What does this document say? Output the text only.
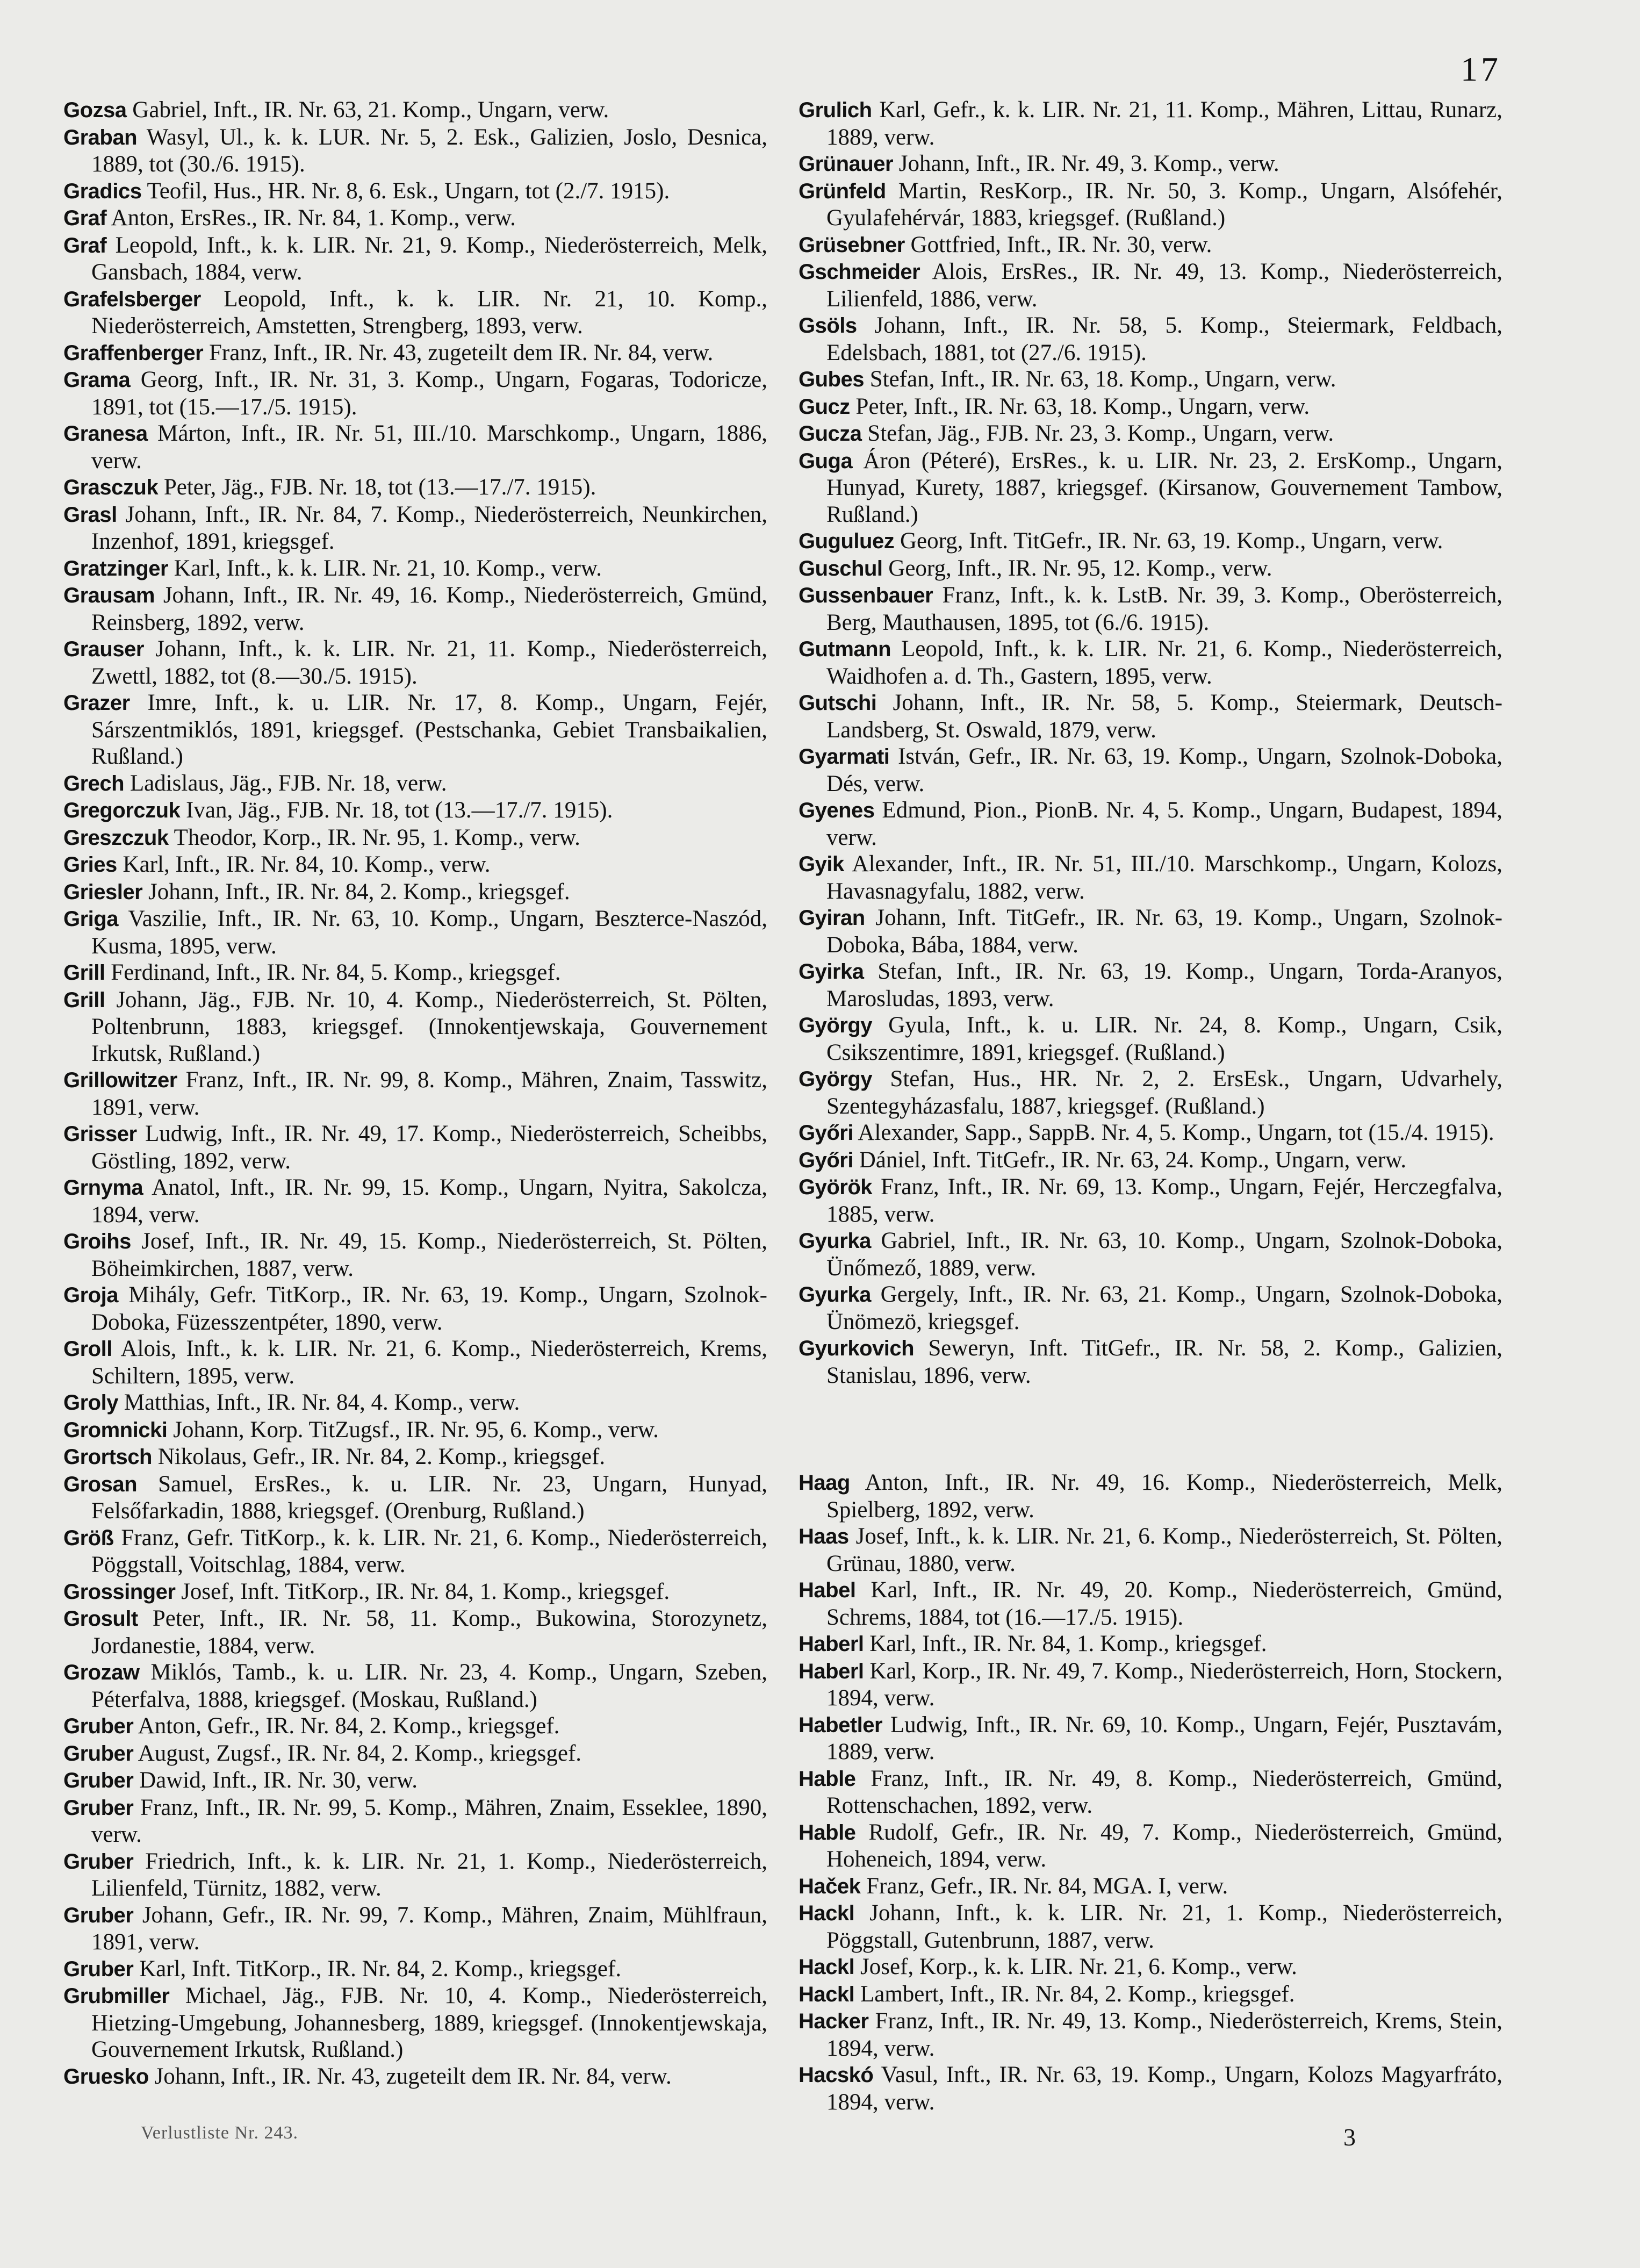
17
Gozsa Gabriel, Inft., IR. Nr. 63, 21. Komp., Ungarn, verw.
Graban Wasyl, Ul., k. k. LUR. Nr. 5, 2. Esk., Galizien, Joslo, Desnica, 1889, tot (30./6. 1915).
Gradics Teofil, Hus., HR. Nr. 8, 6. Esk., Ungarn, tot (2./7. 1915).
Graf Anton, ErsRes., IR. Nr. 84, 1. Komp., verw.
Graf Leopold, Inft., k. k. LIR. Nr. 21, 9. Komp., Niederösterreich, Melk, Gansbach, 1884, verw.
Grafelsberger Leopold, Inft., k. k. LIR. Nr. 21, 10. Komp., Niederösterreich, Amstetten, Strengberg, 1893, verw.
Graffenberger Franz, Inft., IR. Nr. 43, zugeteilt dem IR. Nr. 84, verw.
Grama Georg, Inft., IR. Nr. 31, 3. Komp., Ungarn, Fogaras, Todoricze, 1891, tot (15.—17./5. 1915).
Granesa Márton, Inft., IR. Nr. 51, III./10. Marschkomp., Ungarn, 1886, verw.
Grasczuk Peter, Jäg., FJB. Nr. 18, tot (13.—17./7. 1915).
Grasl Johann, Inft., IR. Nr. 84, 7. Komp., Niederösterreich, Neunkirchen, Inzenhof, 1891, kriegsgef.
Gratzinger Karl, Inft., k. k. LIR. Nr. 21, 10. Komp., verw.
Grausam Johann, Inft., IR. Nr. 49, 16. Komp., Niederösterreich, Gmünd, Reinsberg, 1892, verw.
Grauser Johann, Inft., k. k. LIR. Nr. 21, 11. Komp., Niederösterreich, Zwettl, 1882, tot (8.—30./5. 1915).
Grazer Imre, Inft., k. u. LIR. Nr. 17, 8. Komp., Ungarn, Fejér, Sárszentmiklós, 1891, kriegsgef. (Pestschanka, Gebiet Transbaikalien, Rußland.)
Grech Ladislaus, Jäg., FJB. Nr. 18, verw.
Gregorczuk Ivan, Jäg., FJB. Nr. 18, tot (13.—17./7. 1915).
Greszczuk Theodor, Korp., IR. Nr. 95, 1. Komp., verw.
Gries Karl, Inft., IR. Nr. 84, 10. Komp., verw.
Griesler Johann, Inft., IR. Nr. 84, 2. Komp., kriegsgef.
Griga Vaszilie, Inft., IR. Nr. 63, 10. Komp., Ungarn, Beszterce-Naszód, Kusma, 1895, verw.
Grill Ferdinand, Inft., IR. Nr. 84, 5. Komp., kriegsgef.
Grill Johann, Jäg., FJB. Nr. 10, 4. Komp., Niederösterreich, St. Pölten, Poltenbrunn, 1883, kriegsgef. (Innokentjewskaja, Gouvernement Irkutsk, Rußland.)
Grillowitzer Franz, Inft., IR. Nr. 99, 8. Komp., Mähren, Znaim, Tasswitz, 1891, verw.
Grisser Ludwig, Inft., IR. Nr. 49, 17. Komp., Niederösterreich, Scheibbs, Göstling, 1892, verw.
Grnyma Anatol, Inft., IR. Nr. 99, 15. Komp., Ungarn, Nyitra, Sakolcza, 1894, verw.
Groihs Josef, Inft., IR. Nr. 49, 15. Komp., Niederösterreich, St. Pölten, Böheimkirchen, 1887, verw.
Groja Mihály, Gefr. TitKorp., IR. Nr. 63, 19. Komp., Ungarn, Szolnok-Doboka, Füzesszentpéter, 1890, verw.
Groll Alois, Inft., k. k. LIR. Nr. 21, 6. Komp., Niederösterreich, Krems, Schiltern, 1895, verw.
Groly Matthias, Inft., IR. Nr. 84, 4. Komp., verw.
Gromnicki Johann, Korp. TitZugsf., IR. Nr. 95, 6. Komp., verw.
Grortsch Nikolaus, Gefr., IR. Nr. 84, 2. Komp., kriegsgef.
Grosan Samuel, ErsRes., k. u. LIR. Nr. 23, Ungarn, Hunyad, Felsőfarkadin, 1888, kriegsgef. (Orenburg, Rußland.)
Größ Franz, Gefr. TitKorp., k. k. LIR. Nr. 21, 6. Komp., Niederösterreich, Pöggstall, Voitschlag, 1884, verw.
Grossinger Josef, Inft. TitKorp., IR. Nr. 84, 1. Komp., kriegsgef.
Grosult Peter, Inft., IR. Nr. 58, 11. Komp., Bukowina, Storozynetz, Jordanestie, 1884, verw.
Grozaw Miklós, Tamb., k. u. LIR. Nr. 23, 4. Komp., Ungarn, Szeben, Péterfalva, 1888, kriegsgef. (Moskau, Rußland.)
Gruber Anton, Gefr., IR. Nr. 84, 2. Komp., kriegsgef.
Gruber August, Zugsf., IR. Nr. 84, 2. Komp., kriegsgef.
Gruber Dawid, Inft., IR. Nr. 30, verw.
Gruber Franz, Inft., IR. Nr. 99, 5. Komp., Mähren, Znaim, Esseklee, 1890, verw.
Gruber Friedrich, Inft., k. k. LIR. Nr. 21, 1. Komp., Niederösterreich, Lilienfeld, Türnitz, 1882, verw.
Gruber Johann, Gefr., IR. Nr. 99, 7. Komp., Mähren, Znaim, Mühlfraun, 1891, verw.
Gruber Karl, Inft. TitKorp., IR. Nr. 84, 2. Komp., kriegsgef.
Grubmiller Michael, Jäg., FJB. Nr. 10, 4. Komp., Niederösterreich, Hietzing-Umgebung, Johannesberg, 1889, kriegsgef. (Innokentjewskaja, Gouvernement Irkutsk, Rußland.)
Gruesko Johann, Inft., IR. Nr. 43, zugeteilt dem IR. Nr. 84, verw.
Grulich Karl, Gefr., k. k. LIR. Nr. 21, 11. Komp., Mähren, Littau, Runarz, 1889, verw.
Grünauer Johann, Inft., IR. Nr. 49, 3. Komp., verw.
Grünfeld Martin, ResKorp., IR. Nr. 50, 3. Komp., Ungarn, Alsófehér, Gyulafehérvár, 1883, kriegsgef. (Rußland.)
Grüsebner Gottfried, Inft., IR. Nr. 30, verw.
Gschmeider Alois, ErsRes., IR. Nr. 49, 13. Komp., Niederösterreich, Lilienfeld, 1886, verw.
Gsöls Johann, Inft., IR. Nr. 58, 5. Komp., Steiermark, Feldbach, Edelsbach, 1881, tot (27./6. 1915).
Gubes Stefan, Inft., IR. Nr. 63, 18. Komp., Ungarn, verw.
Gucz Peter, Inft., IR. Nr. 63, 18. Komp., Ungarn, verw.
Gucza Stefan, Jäg., FJB. Nr. 23, 3. Komp., Ungarn, verw.
Guga Áron (Péteré), ErsRes., k. u. LIR. Nr. 23, 2. ErsKomp., Ungarn, Hunyad, Kurety, 1887, kriegsgef. (Kirsanow, Gouvernement Tambow, Rußland.)
Guguluez Georg, Inft. TitGefr., IR. Nr. 63, 19. Komp., Ungarn, verw.
Guschul Georg, Inft., IR. Nr. 95, 12. Komp., verw.
Gussenbauer Franz, Inft., k. k. LstB. Nr. 39, 3. Komp., Oberösterreich, Berg, Mauthausen, 1895, tot (6./6. 1915).
Gutmann Leopold, Inft., k. k. LIR. Nr. 21, 6. Komp., Niederösterreich, Waidhofen a. d. Th., Gastern, 1895, verw.
Gutschi Johann, Inft., IR. Nr. 58, 5. Komp., Steiermark, Deutsch-Landsberg, St. Oswald, 1879, verw.
Gyarmati István, Gefr., IR. Nr. 63, 19. Komp., Ungarn, Szolnok-Doboka, Dés, verw.
Gyenes Edmund, Pion., PionB. Nr. 4, 5. Komp., Ungarn, Budapest, 1894, verw.
Gyik Alexander, Inft., IR. Nr. 51, III./10. Marschkomp., Ungarn, Kolozs, Havasnagyfalu, 1882, verw.
Gyiran Johann, Inft. TitGefr., IR. Nr. 63, 19. Komp., Ungarn, Szolnok-Doboka, Bába, 1884, verw.
Gyirka Stefan, Inft., IR. Nr. 63, 19. Komp., Ungarn, Torda-Aranyos, Marosludas, 1893, verw.
György Gyula, Inft., k. u. LIR. Nr. 24, 8. Komp., Ungarn, Csik, Csikszentimre, 1891, kriegsgef. (Rußland.)
György Stefan, Hus., HR. Nr. 2, 2. ErsEsk., Ungarn, Udvarhely, Szentegyházasfalu, 1887, kriegsgef. (Rußland.)
Győri Alexander, Sapp., SappB. Nr. 4, 5. Komp., Ungarn, tot (15./4. 1915).
Győri Dániel, Inft. TitGefr., IR. Nr. 63, 24. Komp., Ungarn, verw.
Györök Franz, Inft., IR. Nr. 69, 13. Komp., Ungarn, Fejér, Herczegfalva, 1885, verw.
Gyurka Gabriel, Inft., IR. Nr. 63, 10. Komp., Ungarn, Szolnok-Doboka, Ünőmező, 1889, verw.
Gyurka Gergely, Inft., IR. Nr. 63, 21. Komp., Ungarn, Szolnok-Doboka, Ünömezö, kriegsgef.
Gyurkovich Seweryn, Inft. TitGefr., IR. Nr. 58, 2. Komp., Galizien, Stanislau, 1896, verw.
Haag Anton, Inft., IR. Nr. 49, 16. Komp., Niederösterreich, Melk, Spielberg, 1892, verw.
Haas Josef, Inft., k. k. LIR. Nr. 21, 6. Komp., Niederösterreich, St. Pölten, Grünau, 1880, verw.
Habel Karl, Inft., IR. Nr. 49, 20. Komp., Niederösterreich, Gmünd, Schrems, 1884, tot (16.—17./5. 1915).
Haberl Karl, Inft., IR. Nr. 84, 1. Komp., kriegsgef.
Haberl Karl, Korp., IR. Nr. 49, 7. Komp., Niederösterreich, Horn, Stockern, 1894, verw.
Habetler Ludwig, Inft., IR. Nr. 69, 10. Komp., Ungarn, Fejér, Pusztavám, 1889, verw.
Hable Franz, Inft., IR. Nr. 49, 8. Komp., Niederösterreich, Gmünd, Rottenschachen, 1892, verw.
Hable Rudolf, Gefr., IR. Nr. 49, 7. Komp., Niederösterreich, Gmünd, Hoheneich, 1894, verw.
Haček Franz, Gefr., IR. Nr. 84, MGA. I, verw.
Hackl Johann, Inft., k. k. LIR. Nr. 21, 1. Komp., Niederösterreich, Pöggstall, Gutenbrunn, 1887, verw.
Hackl Josef, Korp., k. k. LIR. Nr. 21, 6. Komp., verw.
Hackl Lambert, Inft., IR. Nr. 84, 2. Komp., kriegsgef.
Hacker Franz, Inft., IR. Nr. 49, 13. Komp., Niederösterreich, Krems, Stein, 1894, verw.
Hacskó Vasul, Inft., IR. Nr. 63, 19. Komp., Ungarn, Kolozs Magyarfráto, 1894, verw.
Verlustliste Nr. 243.	3
